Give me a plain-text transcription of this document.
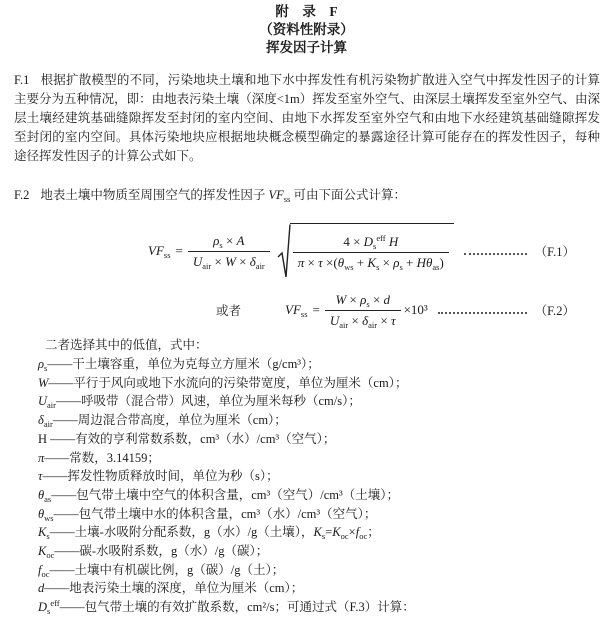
附　录　F
（资料性附录）
挥发因子计算

F.1 根据扩散模型的不同，污染地块土壤和地下水中挥发性有机污染物扩散进入空气中挥发性因子的计算主要分为五种情况，即：由地表污染土壤（深度<1m）挥发至室外空气、由深层土壤挥发至室外空气、由深层土壤经建筑基础缝隙挥发至封闭的室内空间、由地下水挥发至室外空气和由地下水经建筑基础缝隙挥发至封闭的室内空间。具体污染地块应根据地块概念模型确定的暴露途径计算可能存在的挥发性因子，每种途径挥发性因子的计算公式如下。

F.2 地表土壤中物质至周围空气的挥发性因子 $VF_{ss}$ 可由下面公式计算：

$VF_{ss} = \frac{\rho_s \times A}{U_{air} \times W \times \delta_{air}} \frac{4 \times D_s^{eff} H}{\pi \times \tau \times(\theta_{ws} + K_s \times \rho_s + H\theta_{as})}$	（F.1）
或者	$VF_{ss} = \frac{W \times \rho_s \times d}{U_{air} \times \delta_{air} \times \tau} \times 10^3$	（F.2）
二者选择其中的低值，式中：
$\rho_s——$干土壤容重，单位为克每立方厘米（g/cm³）；
W——平行于风向或地下水流向的污染带宽度，单位为厘米（cm）；
$U_{air}——$呼吸带（混合带）风速，单位为厘米每秒（cm/s）；
$\delta_{air}——$周边混合带高度，单位为厘米（cm）；
H ——有效的亨利常数系数，cm³（水）/cm³（空气）；
π——常数，3.14159；
τ——挥发性物质释放时间，单位为秒（s）；
$\theta_{as}——$包气带土壤中空气的体积含量，cm³（空气）/cm³（土壤）；
$\theta_{ws}——$包气带土壤中水的体积含量，cm³（水）/cm³（空气）；
$K_s——$土壤-水吸附分配系数，g（水）/g（土壤），$K_s=K_{oc}\times f_{oc}$；
$K_{oc}——$碳-水吸附系数，g（水）/g（碳）；
$f_{oc}——$土壤中有机碳比例，g（碳）/g（土）；
d——地表污染土壤的深度，单位为厘米（cm）；
$D_s^{eff}——$包气带土壤的有效扩散系数，cm²/s；可通过式（F.3）计算：
